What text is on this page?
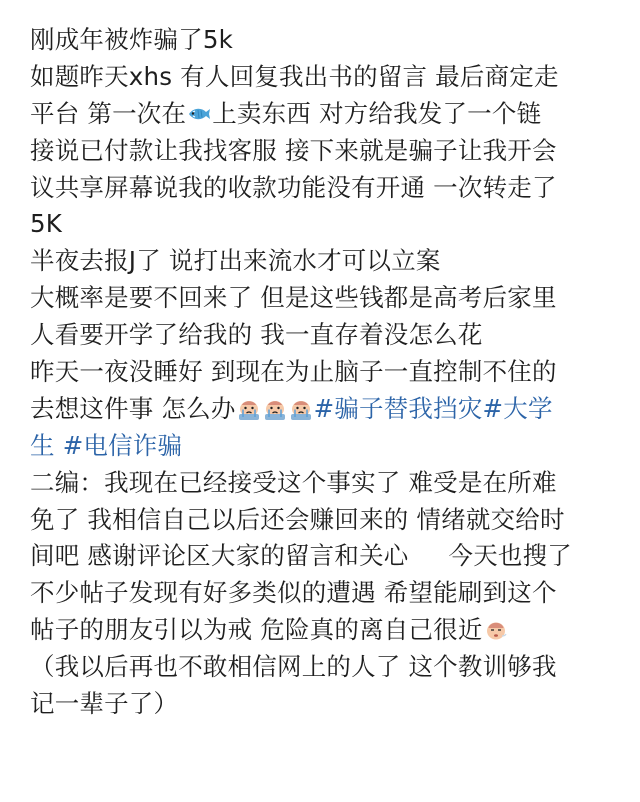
刚成年被炸骗了5k
如题昨天xhs 有人回复我出书的留言 最后商定走
平台 第一次在 上卖东西 对方给我发了一个链
接说已付款让我找客服 接下来就是骗子让我开会
议共享屏幕说我的收款功能没有开通 一次转走了
5K
半夜去报J了 说打出来流水才可以立案
大概率是要不回来了 但是这些钱都是高考后家里
人看要开学了给我的 我一直存着没怎么花
昨天一夜没睡好 到现在为止脑子一直控制不住的
去想这件事 怎么办	#骗子替我挡灾#大学
生 #电信诈骗
二编：我现在已经接受这个事实了 难受是在所难
免了 我相信自己以后还会赚回来的 情绪就交给时
间吧 感谢评论区大家的留言和关心 今天也搜了
不少帖子发现有好多类似的遭遇 希望能刷到这个
帖子的朋友引以为戒 危险真的离自己很近
（我以后再也不敢相信网上的人了 这个教训够我
记一辈子了）
